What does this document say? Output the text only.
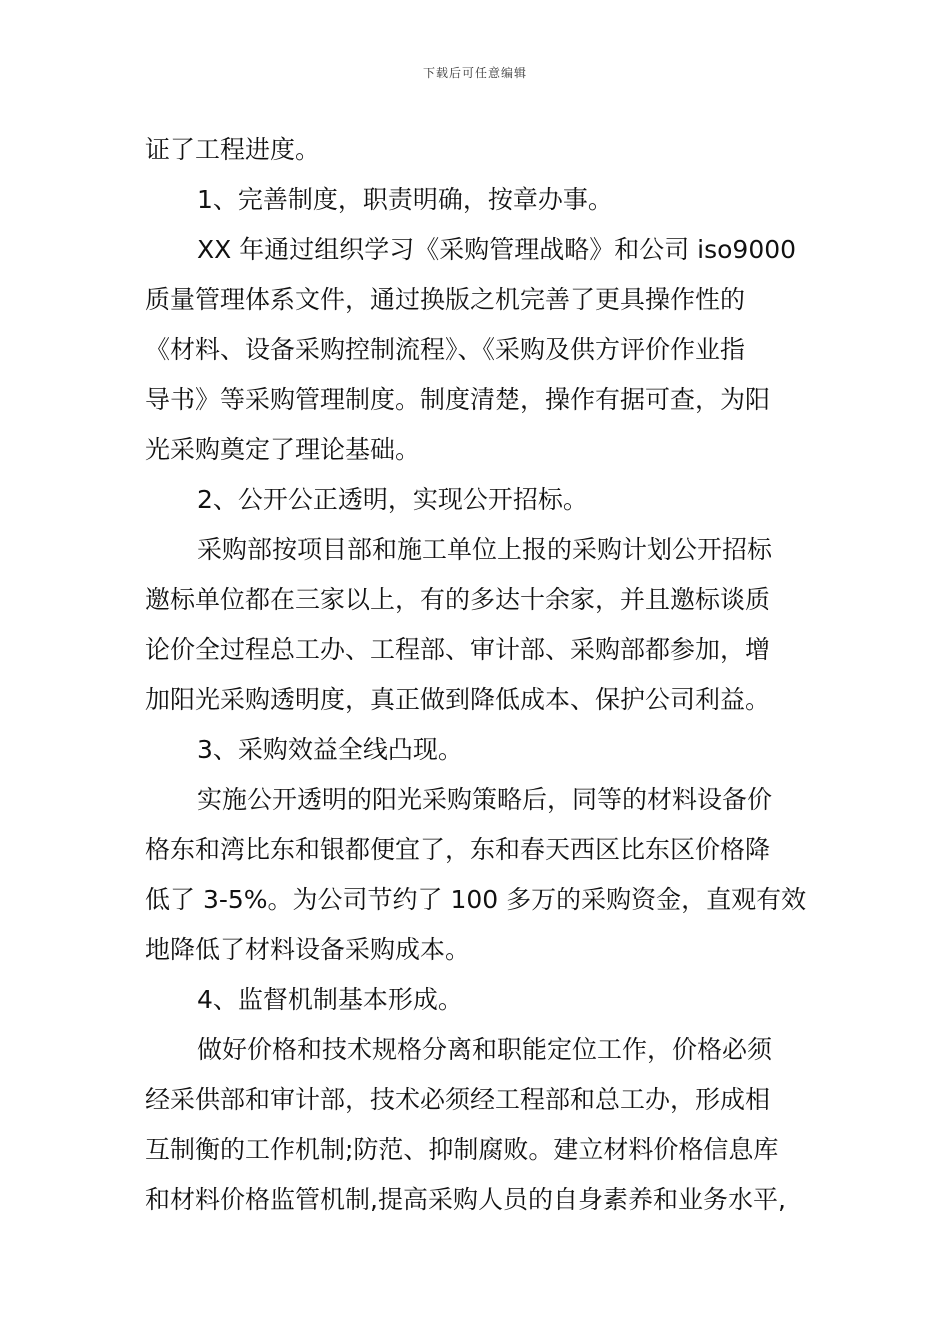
下载后可任意编辑
证了工程进度。
1、完善制度，职责明确，按章办事。
XX 年通过组织学习《采购管理战略》和公司 iso9000
质量管理体系文件，通过换版之机完善了更具操作性的
《材料、设备采购控制流程》、《采购及供方评价作业指
导书》等采购管理制度。制度清楚，操作有据可查，为阳
光采购奠定了理论基础。
2、公开公正透明，实现公开招标。
采购部按项目部和施工单位上报的采购计划公开招标
邀标单位都在三家以上，有的多达十余家，并且邀标谈质
论价全过程总工办、工程部、审计部、采购部都参加，增
加阳光采购透明度，真正做到降低成本、保护公司利益。
3、采购效益全线凸现。
实施公开透明的阳光采购策略后，同等的材料设备价
格东和湾比东和银都便宜了，东和春天西区比东区价格降
低了 3-5%。为公司节约了 100 多万的采购资金，直观有效
地降低了材料设备采购成本。
4、监督机制基本形成。
做好价格和技术规格分离和职能定位工作，价格必须
经采供部和审计部，技术必须经工程部和总工办，形成相
互制衡的工作机制;防范、抑制腐败。建立材料价格信息库
和材料价格监管机制,提高采购人员的自身素养和业务水平,
